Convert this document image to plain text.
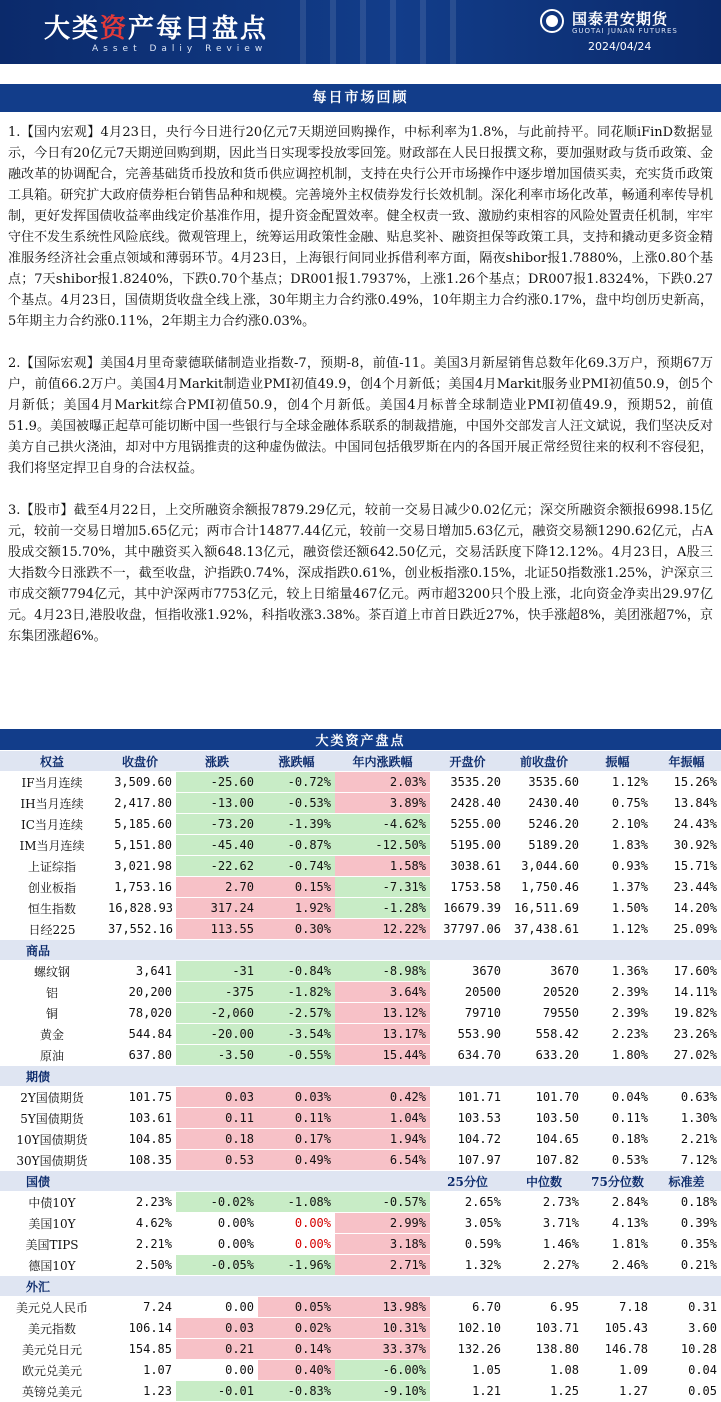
大类资产每日盘点
Asset Daliy Review
国泰君安期货
GUOTAI JUNAN FUTURES
2024/04/24
每日市场回顾

1.【国内宏观】4月23日，央行今日进行20亿元7天期逆回购操作，中标利率为1.8%，与此前持平。同花顺iFinD数据显示，今日有20亿元7天期逆回购到期，因此当日实现零投放零回笼。财政部在人民日报撰文称，要加强财政与货币政策、金融改革的协调配合，完善基础货币投放和货币供应调控机制，支持在央行公开市场操作中逐步增加国债买卖，充实货币政策工具箱。研究扩大政府债券柜台销售品种和规模。完善境外主权债券发行长效机制。深化利率市场化改革，畅通利率传导机制，更好发挥国债收益率曲线定价基准作用，提升资金配置效率。健全权责一致、激励约束相容的风险处置责任机制，牢牢守住不发生系统性风险底线。微观管理上，统筹运用政策性金融、贴息奖补、融资担保等政策工具，支持和撬动更多资金精准服务经济社会重点领域和薄弱环节。4月23日，上海银行间同业拆借利率方面，隔夜shibor报1.7880%，上涨0.80个基点；7天shibor报1.8240%，下跌0.70个基点；DR001报1.7937%，上涨1.26个基点；DR007报1.8324%，下跌0.27个基点。4月23日，国债期货收盘全线上涨，30年期主力合约涨0.49%，10年期主力合约涨0.17%，盘中均创历史新高，5年期主力合约涨0.11%，2年期主力合约涨0.03%。

2.【国际宏观】美国4月里奇蒙德联储制造业指数-7，预期-8，前值-11。美国3月新屋销售总数年化69.3万户，预期67万户，前值66.2万户。美国4月Markit制造业PMI初值49.9，创4个月新低；美国4月Markit服务业PMI初值50.9，创5个月新低；美国4月Markit综合PMI初值50.9，创4个月新低。美国4月标普全球制造业PMI初值49.9，预期52，前值51.9。美国被曝正起草可能切断中国一些银行与全球金融体系联系的制裁措施，中国外交部发言人汪文斌说，我们坚决反对美方自己拱火浇油，却对中方甩锅推责的这种虚伪做法。中国同包括俄罗斯在内的各国开展正常经贸往来的权利不容侵犯，我们将坚定捍卫自身的合法权益。

3.【股市】截至4月22日，上交所融资余额报7879.29亿元，较前一交易日减少0.02亿元；深交所融资余额报6998.15亿元，较前一交易日增加5.65亿元；两市合计14877.44亿元，较前一交易日增加5.63亿元，融资交易额1290.62亿元，占A股成交额15.70%，其中融资买入额648.13亿元，融资偿还额642.50亿元，交易活跃度下降12.12%。4月23日，A股三大指数今日涨跌不一，截至收盘，沪指跌0.74%，深成指跌0.61%，创业板指涨0.15%，北证50指数涨1.25%，沪深京三市成交额7794亿元，其中沪深两市7753亿元，较上日缩量467亿元。两市超3200只个股上涨，北向资金净卖出29.97亿元。4月23日,港股收盘，恒指收涨1.92%，科指收涨3.38%。茶百道上市首日跌近27%，快手涨超8%，美团涨超7%，京东集团涨超6%。

大类资产盘点								
权益	收盘价	涨跌	涨跌幅	年内涨跌幅	开盘价	前收盘价	振幅	年振幅
IF当月连续	3,509.60	-25.60	-0.72%	2.03%	3535.20	3535.60	1.12%	15.26%
IH当月连续	2,417.80	-13.00	-0.53%	3.89%	2428.40	2430.40	0.75%	13.84%
IC当月连续	5,185.60	-73.20	-1.39%	-4.62%	5255.00	5246.20	2.10%	24.43%
IM当月连续	5,151.80	-45.40	-0.87%	-12.50%	5195.00	5189.20	1.83%	30.92%
上证综指	3,021.98	-22.62	-0.74%	1.58%	3038.61	3,044.60	0.93%	15.71%
创业板指	1,753.16	2.70	0.15%	-7.31%	1753.58	1,750.46	1.37%	23.44%
恒生指数	16,828.93	317.24	1.92%	-1.28%	16679.39	16,511.69	1.50%	14.20%
日经225	37,552.16	113.55	0.30%	12.22%	37797.06	37,438.61	1.12%	25.09%
商品								
螺纹钢	3,641	-31	-0.84%	-8.98%	3670	3670	1.36%	17.60%
铝	20,200	-375	-1.82%	3.64%	20500	20520	2.39%	14.11%
铜	78,020	-2,060	-2.57%	13.12%	79710	79550	2.39%	19.82%
黄金	544.84	-20.00	-3.54%	13.17%	553.90	558.42	2.23%	23.26%
原油	637.80	-3.50	-0.55%	15.44%	634.70	633.20	1.80%	27.02%
期债								
2Y国债期货	101.75	0.03	0.03%	0.42%	101.71	101.70	0.04%	0.63%
5Y国债期货	103.61	0.11	0.11%	1.04%	103.53	103.50	0.11%	1.30%
10Y国债期货	104.85	0.18	0.17%	1.94%	104.72	104.65	0.18%	2.21%
30Y国债期货	108.35	0.53	0.49%	6.54%	107.97	107.82	0.53%	7.12%
国债					25分位	中位数	75分位数	标准差
中债10Y	2.23%	-0.02%	-1.08%	-0.57%	2.65%	2.73%	2.84%	0.18%
美国10Y	4.62%	0.00%	0.00%	2.99%	3.05%	3.71%	4.13%	0.39%
美国TIPS	2.21%	0.00%	0.00%	3.18%	0.59%	1.46%	1.81%	0.35%
德国10Y	2.50%	-0.05%	-1.96%	2.71%	1.32%	2.27%	2.46%	0.21%
外汇								
美元兑人民币	7.24	0.00	0.05%	13.98%	6.70	6.95	7.18	0.31
美元指数	106.14	0.03	0.02%	10.31%	102.10	103.71	105.43	3.60
美元兑日元	154.85	0.21	0.14%	33.37%	132.26	138.80	146.78	10.28
欧元兑美元	1.07	0.00	0.40%	-6.00%	1.05	1.08	1.09	0.04
英镑兑美元	1.23	-0.01	-0.83%	-9.10%	1.21	1.25	1.27	0.05
